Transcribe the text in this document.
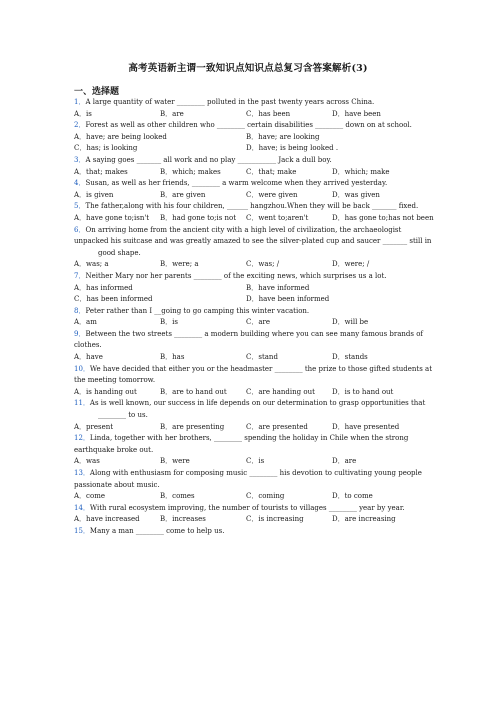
高考英语新主谓一致知识点知识点总复习含答案解析(3)
一、选择题

1．A large quantity of water ________ polluted in the past twenty years across China.

A．is	B．are	C．has been	D．have been

2．Forest as well as other children who ________ certain disabilities ________ down on at school.

A．have; are being looked	B．have; are looking
C．has; is looking	D．have; is being looked .

3．A saying goes _______ all work and no play ___________ Jack a dull boy.

A．that; makes	B．which; makes	C．that; make	D．which; make

4．Susan, as well as her friends, ________ a warm welcome when they arrived yesterday.

A．is given	B．are given	C．were given	D．was given

5．The father,along with his four children, ______ hangzhou.When they will be back _______ fixed.

A．have gone to;isn't	B．had gone to;is not	C．went to;aren't	D．has gone to;has not been

6．On arriving home from the ancient city with a high level of civilization, the archaeologist unpacked his suitcase and was greatly amazed to see the silver-plated cup and saucer _______ still in

good shape.

A．was; a	B．were; a	C．was; /	D．were; /

7．Neither Mary nor her parents ________ of the exciting news, which surprises us a lot.

A．has informed	B．have informed
C．has been informed	D．have been informed

8．Peter rather than I __going to go camping this winter vacation.

A．am	B．is	C．are	D．will be

9．Between the two streets ________ a modern building where you can see many famous brands of clothes.

A．have	B．has	C．stand	D．stands

10．We have decided that either you or the headmaster ________ the prize to those gifted students at the meeting tomorrow.

A．is handing out	B．are to hand out	C．are handing out	D．is to hand out

11．As is well known, our success in life depends on our determination to grasp opportunities that

________ to us.

A．present	B．are presenting	C．are presented	D．have presented

12．Linda, together with her brothers, ________ spending the holiday in Chile when the strong earthquake broke out.

A．was	B．were	C．is	D．are

13．Along with enthusiasm for composing music ________ his devotion to cultivating young people passionate about music.

A．come	B．comes	C．coming	D．to come

14．With rural ecosystem improving, the number of tourists to villages ________ year by year.

A．have increased	B．increases	C．is increasing	D．are increasing

15．Many a man ________ come to help us.
